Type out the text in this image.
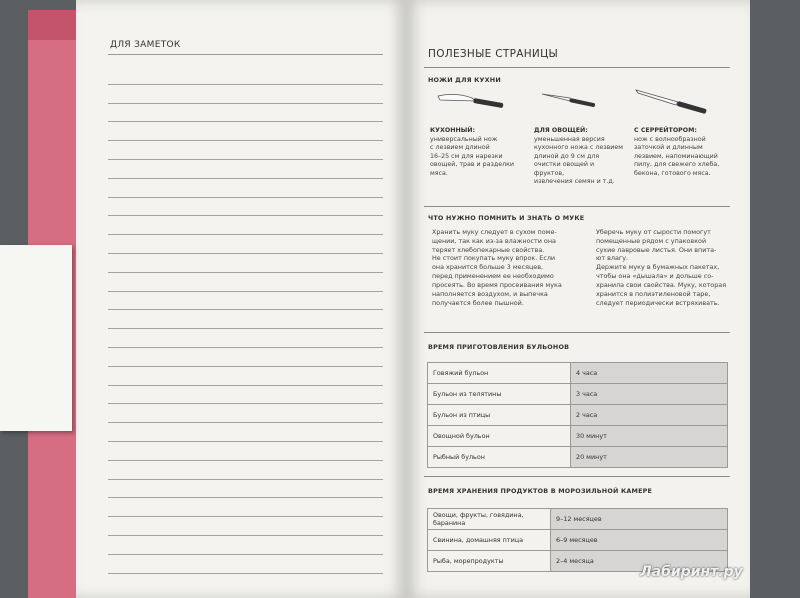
ДЛЯ ЗАМЕТОК
ПОЛЕЗНЫЕ СТРАНИЦЫ
НОЖИ ДЛЯ КУХНИ
КУХОННЫЙ:
универсальный нож
с лезвием длиной
16–25 см для нарезки
овощей, трав и разделки
мяса.
ДЛЯ ОВОЩЕЙ:
уменьшенная версия
кухонного ножа с лезвием
длиной до 9 см для
очистки овощей и фруктов,
извлечения семян и т.д.
С СЕРРЕЙТОРОМ:
нож с волнообразной
заточкой и длинным
лезвием, напоминающий
пилу, для свежего хлеба,
бекона, готового мяса.
ЧТО НУЖНО ПОМНИТЬ И ЗНАТЬ О МУКЕ
Хранить муку следует в сухом поме-
щении, так как из-за влажности она
теряет хлебопекарные свойства.
Не стоит покупать муку впрок. Если
она хранится больше 3 месяцев,
перед применением ее необходимо
просеять. Во время просеивания мука
наполняется воздухом, и выпечка
получается более пышной.
Уберечь муку от сырости помогут
помещенные рядом с упаковкой
сухие лавровые листья. Они впита-
ют влагу.
Держите муку в бумажных пакетах,
чтобы она «дышала» и дольше со-
хранила свои свойства. Муку, которая
хранится в полиэтиленовой таре,
следует периодически встряхивать.
ВРЕМЯ ПРИГОТОВЛЕНИЯ БУЛЬОНОВ
Говяжий бульон	4 часа
Бульон из телятины	3 часа
Бульон из птицы	2 часа
Овощной бульон	30 минут
Рыбный бульон	20 минут
ВРЕМЯ ХРАНЕНИЯ ПРОДУКТОВ В МОРОЗИЛЬНОЙ КАМЕРЕ
Овощи, фрукты, говядина, баранина	9–12 месяцев
Свинина, домашняя птица	6–9 месяцев
Рыба, морепродукты	2–4 месяца
Лабиринт.ру
